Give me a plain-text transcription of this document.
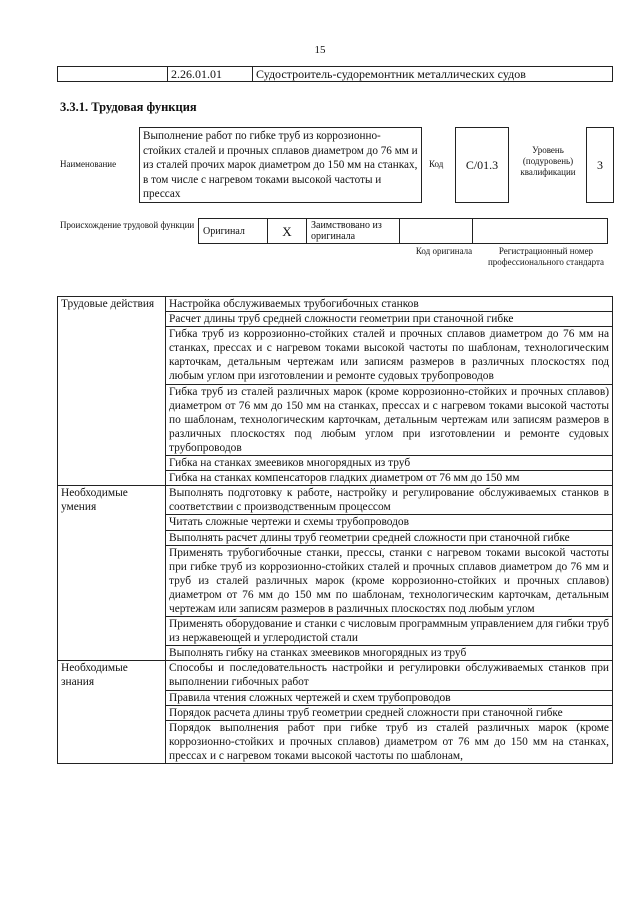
15
	2.26.01.01	Судостроитель-судоремонтник металлических судов
3.3.1. Трудовая функция
Наименование
Выполнение работ по гибке труб из коррозионно-стойких сталей и прочных сплавов диаметром до 76 мм и из сталей прочих марок диаметром до 150 мм на станках, в том числе с нагревом токами высокой частоты и прессах
Код С/01.3
Уровень (подуровень) квалификации
3
Происхождение трудовой функции
Оригинал	X	Заимствовано из оригинала		
Код оригинала	Регистрационный номер профессионального стандарта
Трудовые действия	Настройка обслуживаемых трубогибочных станков
	Расчет длины труб средней сложности геометрии при станочной гибке
	Гибка труб из коррозионно-стойких сталей и прочных сплавов диаметром до 76 мм на станках, прессах и с нагревом токами высокой частоты по шаблонам, технологическим карточкам, детальным чертежам или записям размеров в различных плоскостях под любым углом при изготовлении и ремонте судовых трубопроводов
	Гибка труб из сталей различных марок (кроме коррозионно-стойких и прочных сплавов) диаметром от 76 мм до 150 мм на станках, прессах и с нагревом токами высокой частоты по шаблонам, технологическим карточкам, детальным чертежам или записям размеров в различных плоскостях под любым углом при изготовлении и ремонте судовых трубопроводов
	Гибка на станках змеевиков многорядных из труб
	Гибка на станках компенсаторов гладких диаметром от 76 мм до 150 мм
Необходимые умения	Выполнять подготовку к работе, настройку и регулирование обслуживаемых станков в соответствии с производственным процессом
	Читать сложные чертежи и схемы трубопроводов
	Выполнять расчет длины труб геометрии средней сложности при станочной гибке
	Применять трубогибочные станки, прессы, станки с нагревом токами высокой частоты при гибке труб из коррозионно-стойких сталей и прочных сплавов диаметром до 76 мм и труб из сталей различных марок (кроме коррозионно-стойких и прочных сплавов) диаметром от 76 мм до 150 мм по шаблонам, технологическим карточкам, детальным чертежам или записям размеров в различных плоскостях под любым углом
	Применять оборудование и станки с числовым программным управлением для гибки труб из нержавеющей и углеродистой стали
	Выполнять гибку на станках змеевиков многорядных из труб
Необходимые знания	Способы и последовательность настройки и регулировки обслуживаемых станков при выполнении гибочных работ
	Правила чтения сложных чертежей и схем трубопроводов
	Порядок расчета длины труб геометрии средней сложности при станочной гибке
	Порядок выполнения работ при гибке труб из сталей различных марок (кроме коррозионно-стойких и прочных сплавов) диаметром от 76 мм до 150 мм на станках, прессах и с нагревом токами высокой частоты по шаблонам,
